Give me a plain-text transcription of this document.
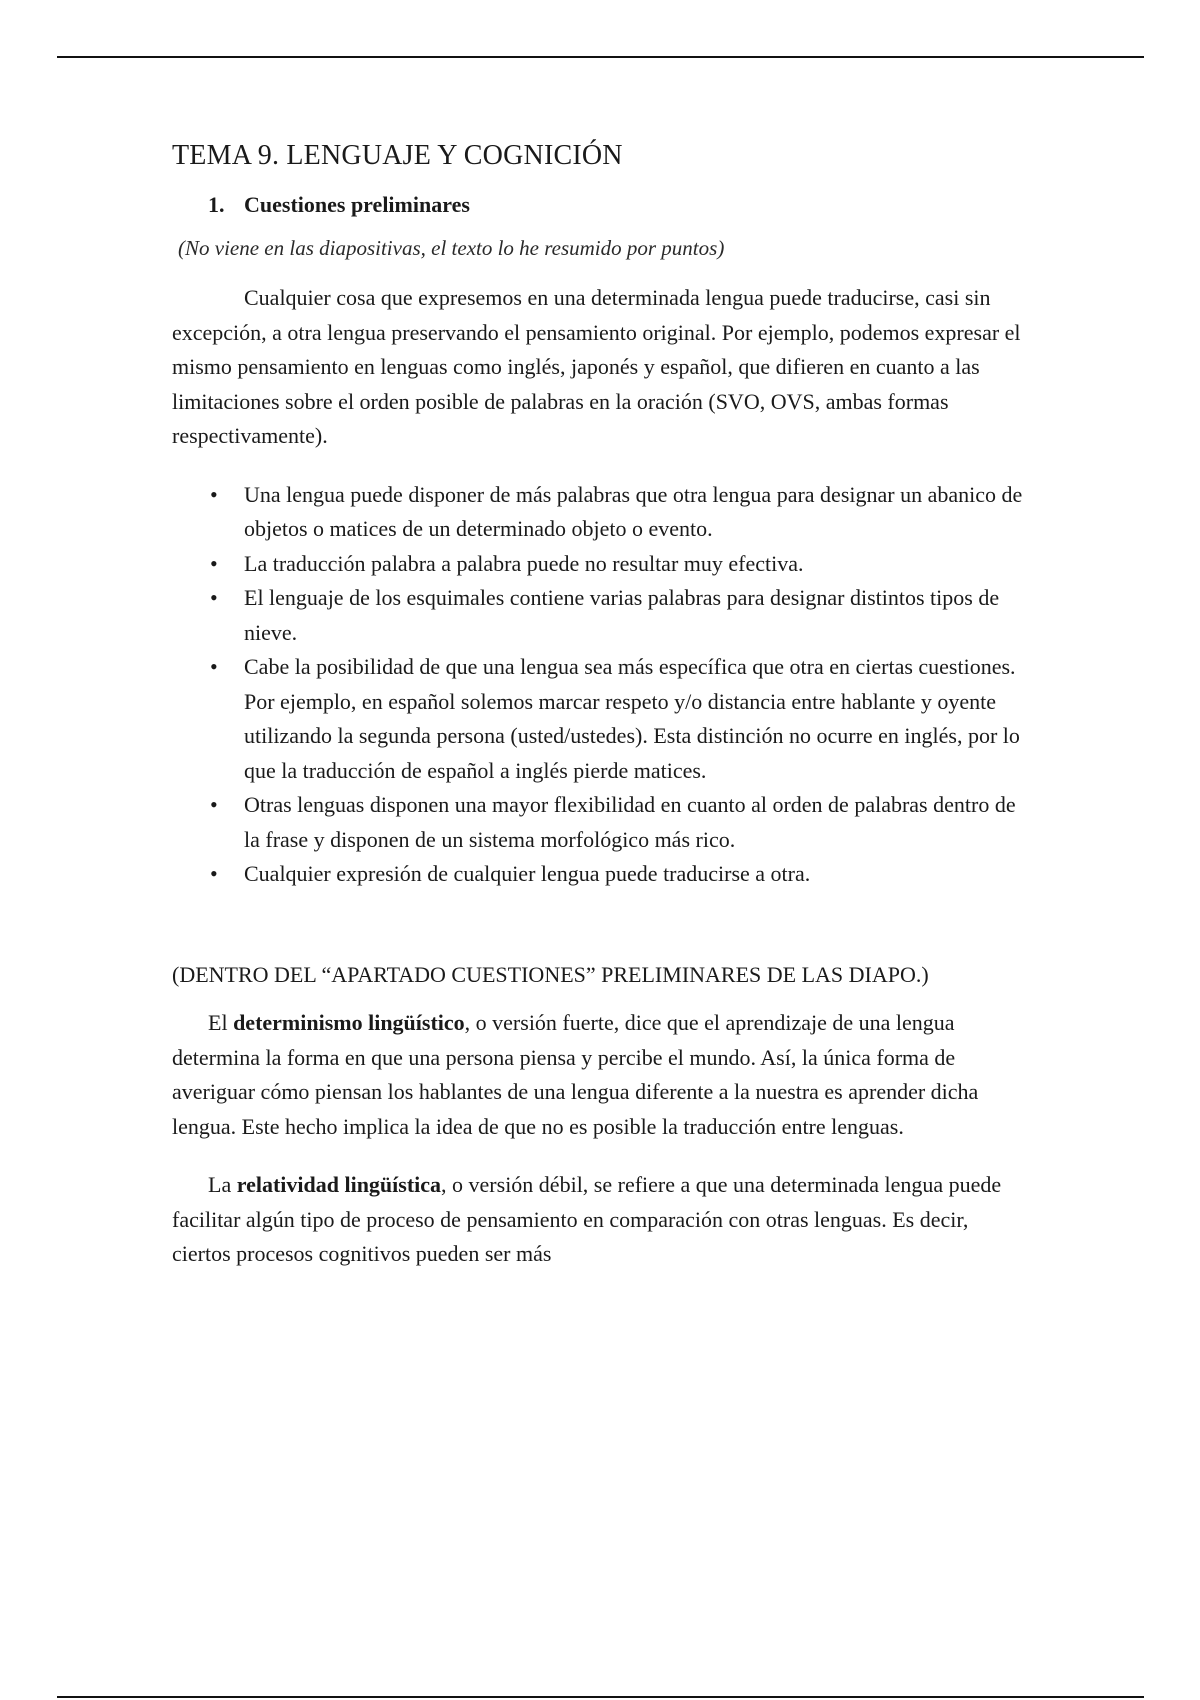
TEMA 9. LENGUAJE Y COGNICIÓN
1. Cuestiones preliminares
(No viene en las diapositivas, el texto lo he resumido por puntos)

Cualquier cosa que expresemos en una determinada lengua puede traducirse, casi sin excepción, a otra lengua preservando el pensamiento original. Por ejemplo, podemos expresar el mismo pensamiento en lenguas como inglés, japonés y español, que difieren en cuanto a las limitaciones sobre el orden posible de palabras en la oración (SVO, OVS, ambas formas respectivamente).

• Una lengua puede disponer de más palabras que otra lengua para designar un abanico de objetos o matices de un determinado objeto o evento.
• La traducción palabra a palabra puede no resultar muy efectiva.
• El lenguaje de los esquimales contiene varias palabras para designar distintos tipos de nieve.
• Cabe la posibilidad de que una lengua sea más específica que otra en ciertas cuestiones. Por ejemplo, en español solemos marcar respeto y/o distancia entre hablante y oyente utilizando la segunda persona (usted/ustedes). Esta distinción no ocurre en inglés, por lo que la traducción de español a inglés pierde matices.
• Otras lenguas disponen una mayor flexibilidad en cuanto al orden de palabras dentro de la frase y disponen de un sistema morfológico más rico.
• Cualquier expresión de cualquier lengua puede traducirse a otra.
(DENTRO DEL “APARTADO CUESTIONES” PRELIMINARES DE LAS DIAPO.)

El determinismo lingüístico, o versión fuerte, dice que el aprendizaje de una lengua determina la forma en que una persona piensa y percibe el mundo. Así, la única forma de averiguar cómo piensan los hablantes de una lengua diferente a la nuestra es aprender dicha lengua. Este hecho implica la idea de que no es posible la traducción entre lenguas.

La relatividad lingüística, o versión débil, se refiere a que una determinada lengua puede facilitar algún tipo de proceso de pensamiento en comparación con otras lenguas. Es decir, ciertos procesos cognitivos pueden ser más
